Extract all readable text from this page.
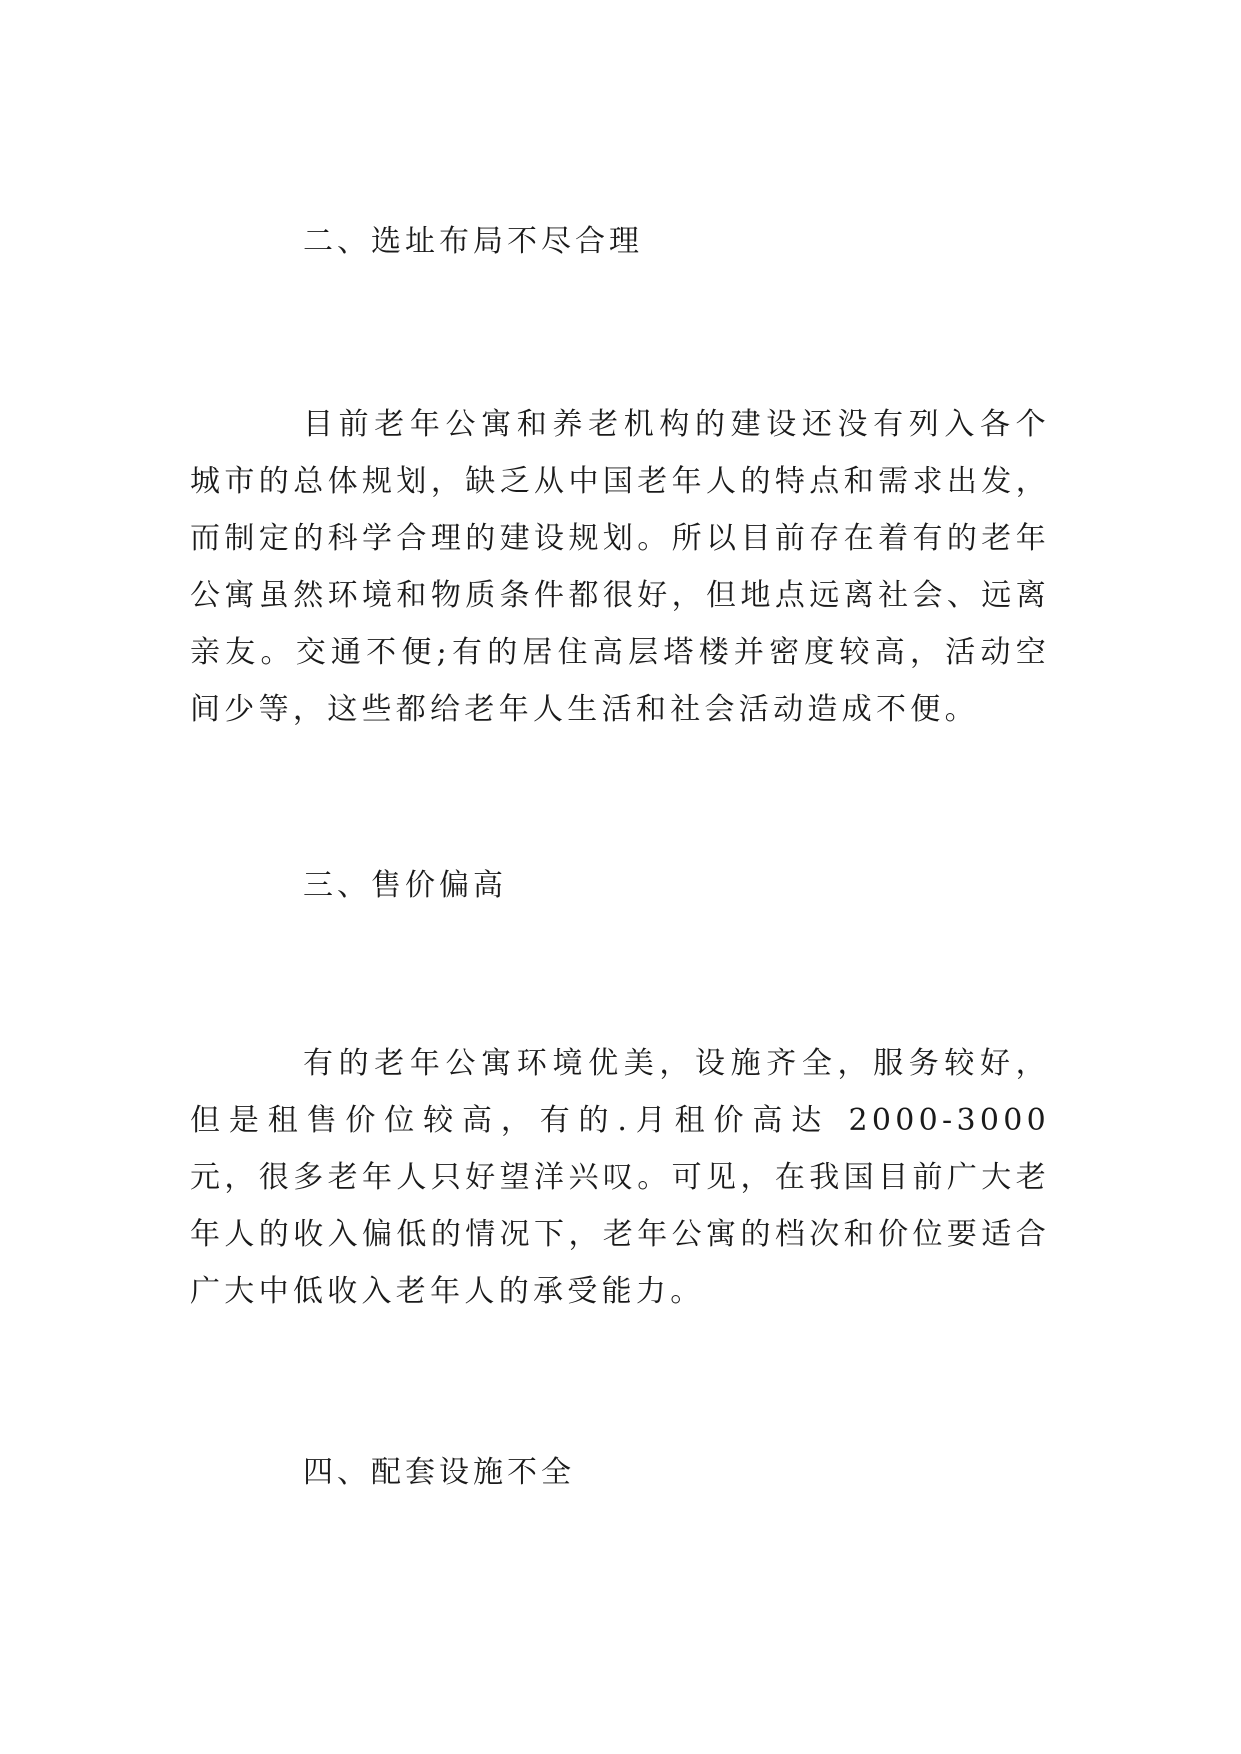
二、选址布局不尽合理

目前老年公寓和养老机构的建设还没有列入各个城市的总体规划，缺乏从中国老年人的特点和需求出发，而制定的科学合理的建设规划。所以目前存在着有的老年公寓虽然环境和物质条件都很好，但地点远离社会、远离亲友。交通不便;有的居住高层塔楼并密度较高，活动空间少等，这些都给老年人生活和社会活动造成不便。

三、售价偏高

有的老年公寓环境优美，设施齐全，服务较好，但是租售价位较高，有的.月租价高达 2000-3000 元，很多老年人只好望洋兴叹。可见，在我国目前广大老年人的收入偏低的情况下，老年公寓的档次和价位要适合广大中低收入老年人的承受能力。

四、配套设施不全
